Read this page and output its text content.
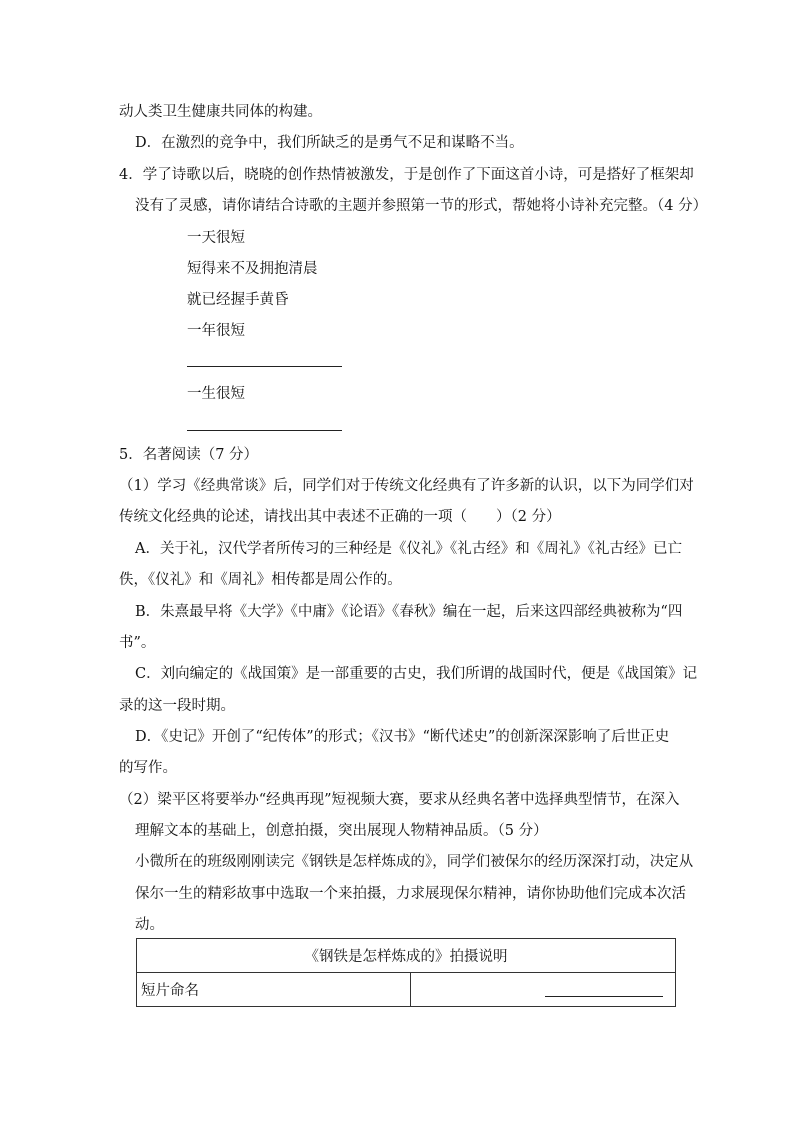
动人类卫生健康共同体的构建。
D．在激烈的竞争中，我们所缺乏的是勇气不足和谋略不当。
4．学了诗歌以后，晓晓的创作热情被激发，于是创作了下面这首小诗，可是搭好了框架却
没有了灵感，请你请结合诗歌的主题并参照第一节的形式，帮她将小诗补充完整。（4 分）
一天很短
短得来不及拥抱清晨
就已经握手黄昏
一年很短
一生很短
5．名著阅读（7 分）
（1）学习《经典常谈》后，同学们对于传统文化经典有了许多新的认识，以下为同学们对
传统文化经典的论述，请找出其中表述不正确的一项（　　）（2 分）
A．关于礼，汉代学者所传习的三种经是《仪礼》《礼古经》和《周礼》《礼古经》已亡
佚，《仪礼》和《周礼》相传都是周公作的。
B．朱熹最早将《大学》《中庸》《论语》《春秋》编在一起，后来这四部经典被称为“四
书”。
C．刘向编定的《战国策》是一部重要的古史，我们所谓的战国时代，便是《战国策》记
录的这一段时期。
D．《史记》开创了“纪传体”的形式；《汉书》“断代述史”的创新深深影响了后世正史
的写作。
（2）梁平区将要举办“经典再现”短视频大赛，要求从经典名著中选择典型情节，在深入
理解文本的基础上，创意拍摄，突出展现人物精神品质。（5 分）
小微所在的班级刚刚读完《钢铁是怎样炼成的》，同学们被保尔的经历深深打动，决定从
保尔一生的精彩故事中选取一个来拍摄，力求展现保尔精神，请你协助他们完成本次活
动。
《钢铁是怎样炼成的》拍摄说明
短片命名	
